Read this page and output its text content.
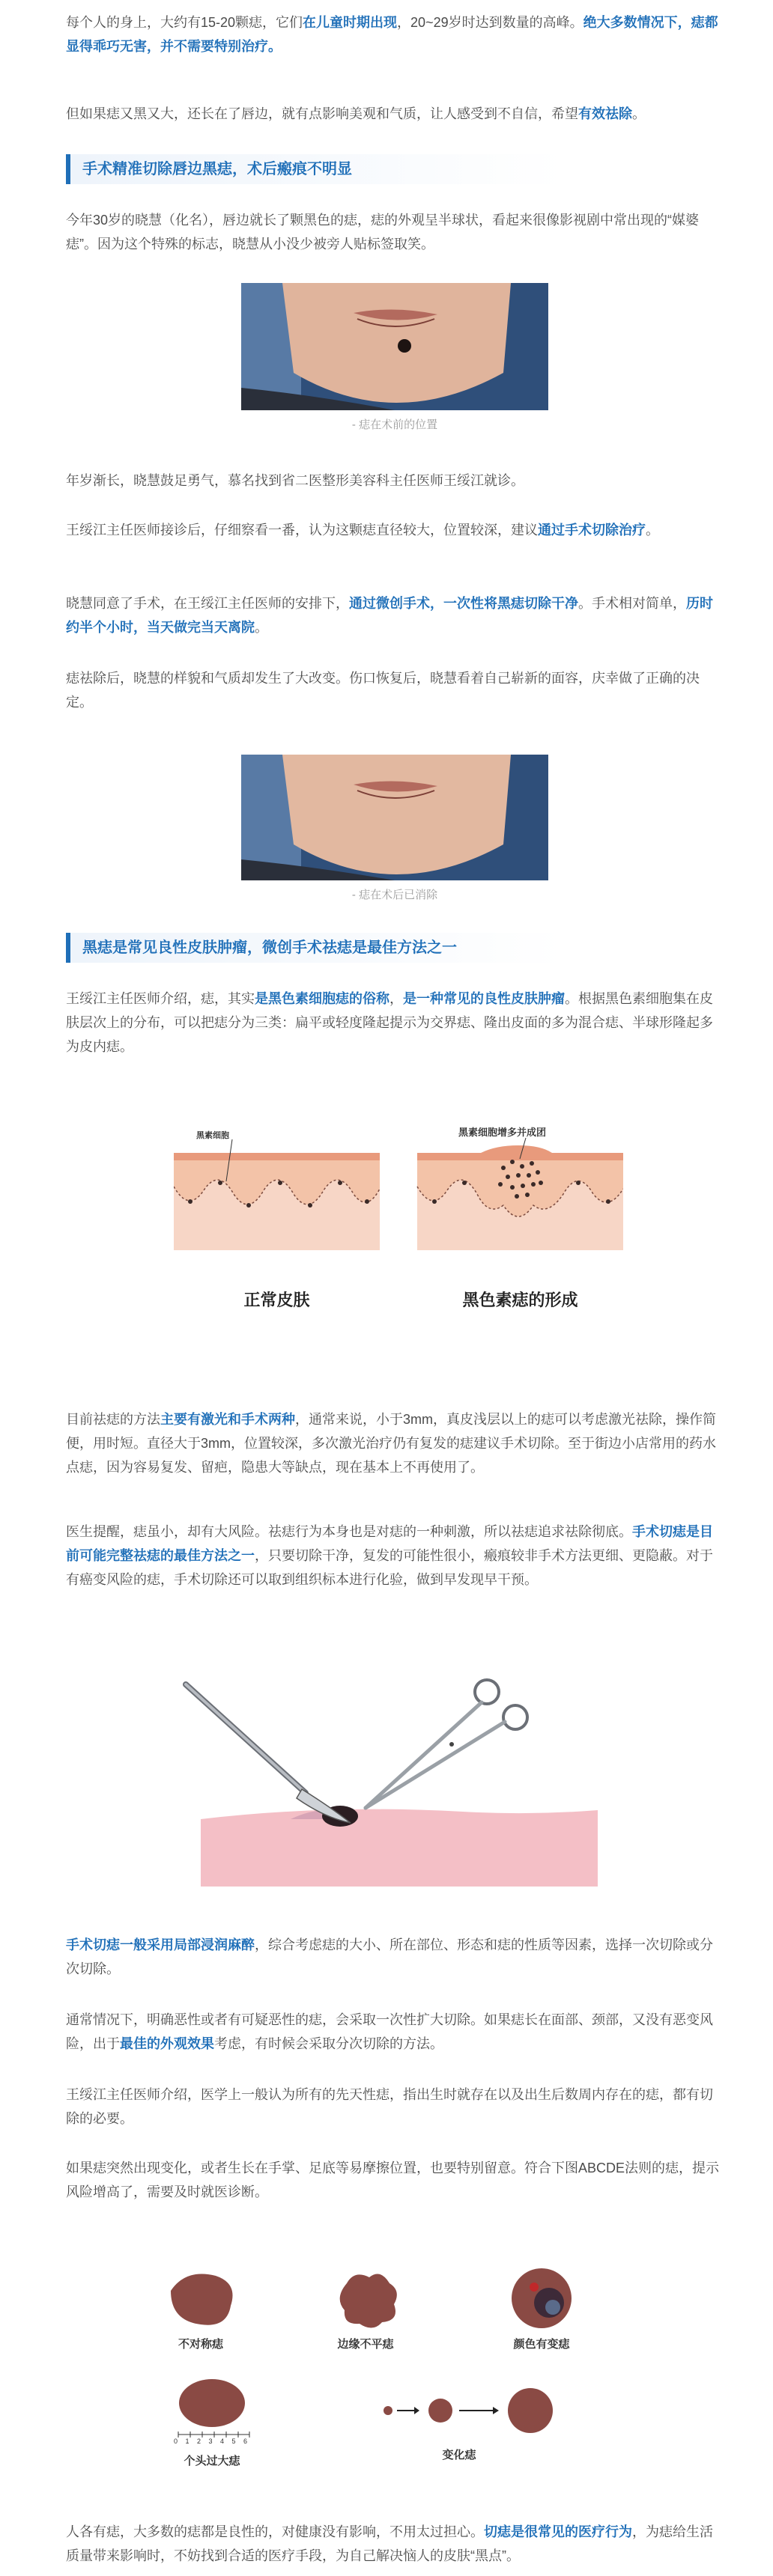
每个人的身上，大约有15-20颗痣，它们在儿童时期出现，20~29岁时达到数量的高峰。绝大多数情况下，痣都显得乖巧无害，并不需要特别治疗。

但如果痣又黑又大，还长在了唇边，就有点影响美观和气质，让人感受到不自信，希望有效祛除。

手术精准切除唇边黑痣，术后瘢痕不明显

今年30岁的晓慧（化名），唇边就长了颗黑色的痣，痣的外观呈半球状，看起来很像影视剧中常出现的“媒婆痣”。因为这个特殊的标志，晓慧从小没少被旁人贴标签取笑。

- 痣在术前的位置

年岁渐长，晓慧鼓足勇气，慕名找到省二医整形美容科主任医师王绥江就诊。

王绥江主任医师接诊后，仔细察看一番，认为这颗痣直径较大，位置较深，建议通过手术切除治疗。

晓慧同意了手术，在王绥江主任医师的安排下，通过微创手术，一次性将黑痣切除干净。手术相对简单，历时约半个小时，当天做完当天离院。

痣祛除后，晓慧的样貌和气质却发生了大改变。伤口恢复后，晓慧看着自己崭新的面容，庆幸做了正确的决定。

- 痣在术后已消除
黑痣是常见良性皮肤肿瘤，微创手术祛痣是最佳方法之一

王绥江主任医师介绍，痣，其实是黑色素细胞痣的俗称，是一种常见的良性皮肤肿瘤。根据黑色素细胞集在皮肤层次上的分布，可以把痣分为三类：扁平或轻度隆起提示为交界痣、隆出皮面的多为混合痣、半球形隆起多为皮内痣。

黑素细胞	黑素细胞增多并成团
正常皮肤	黑色素痣的形成

目前祛痣的方法主要有激光和手术两种，通常来说，小于3mm，真皮浅层以上的痣可以考虑激光祛除，操作简便，用时短。直径大于3mm，位置较深，多次激光治疗仍有复发的痣建议手术切除。至于街边小店常用的药水点痣，因为容易复发、留疤，隐患大等缺点，现在基本上不再使用了。

医生提醒，痣虽小，却有大风险。祛痣行为本身也是对痣的一种刺激，所以祛痣追求祛除彻底。手术切痣是目前可能完整祛痣的最佳方法之一，只要切除干净，复发的可能性很小，瘢痕较非手术方法更细、更隐蔽。对于有癌变风险的痣，手术切除还可以取到组织标本进行化验，做到早发现早干预。

手术切痣一般采用局部浸润麻醉，综合考虑痣的大小、所在部位、形态和痣的性质等因素，选择一次切除或分次切除。

通常情况下，明确恶性或者有可疑恶性的痣，会采取一次性扩大切除。如果痣长在面部、颈部，又没有恶变风险，出于最佳的外观效果考虑，有时候会采取分次切除的方法。

王绥江主任医师介绍，医学上一般认为所有的先天性痣，指出生时就存在以及出生后数周内存在的痣，都有切除的必要。

如果痣突然出现变化，或者生长在手掌、足底等易摩擦位置，也要特别留意。符合下图ABCDE法则的痣，提示风险增高了，需要及时就医诊断。

不对称痣	边缘不平痣	颜色有变痣
0 1 2 3 4 5 6
个头过大痣	变化痣

人各有痣，大多数的痣都是良性的，对健康没有影响，不用太过担心。切痣是很常见的医疗行为，为痣给生活质量带来影响时，不妨找到合适的医疗手段，为自己解决恼人的皮肤“黑点”。
